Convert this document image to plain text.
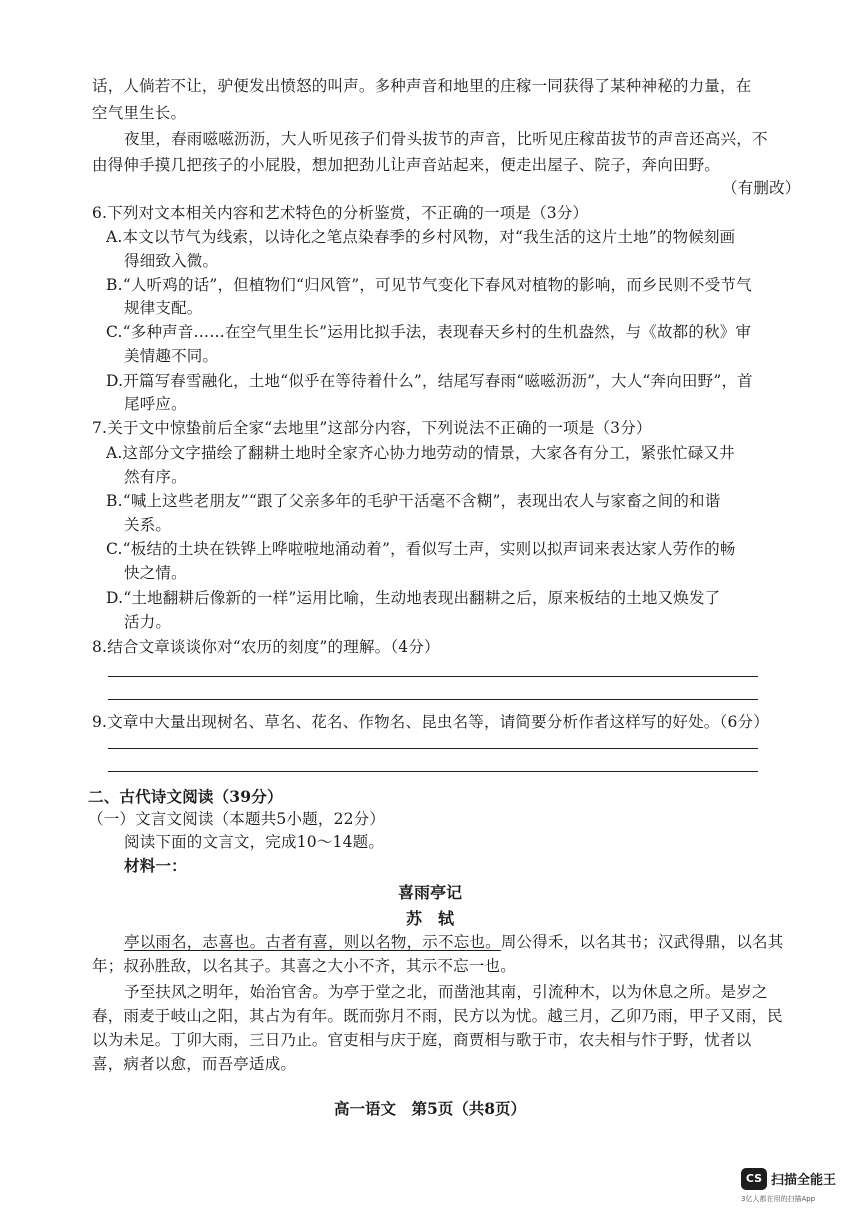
话，人倘若不让，驴便发出愤怒的叫声。多种声音和地里的庄稼一同获得了某种神秘的力量，在
空气里生长。
夜里，春雨嗞嗞沥沥，大人听见孩子们骨头拔节的声音，比听见庄稼苗拔节的声音还高兴，不
由得伸手摸几把孩子的小屁股，想加把劲儿让声音站起来，便走出屋子、院子，奔向田野。
（有删改）
6.下列对文本相关内容和艺术特色的分析鉴赏，不正确的一项是（3分）
A.本文以节气为线索，以诗化之笔点染春季的乡村风物，对“我生活的这片土地”的物候刻画
得细致入微。
B.“人听鸡的话”，但植物们“归风管”，可见节气变化下春风对植物的影响，而乡民则不受节气
规律支配。
C.“多种声音……在空气里生长”运用比拟手法，表现春天乡村的生机盎然，与《故都的秋》审
美情趣不同。
D.开篇写春雪融化，土地“似乎在等待着什么”，结尾写春雨“嗞嗞沥沥”，大人“奔向田野”，首
尾呼应。
7.关于文中惊蛰前后全家“去地里”这部分内容，下列说法不正确的一项是（3分）
A.这部分文字描绘了翻耕土地时全家齐心协力地劳动的情景，大家各有分工，紧张忙碌又井
然有序。
B.“喊上这些老朋友”“跟了父亲多年的毛驴干活毫不含糊”，表现出农人与家畜之间的和谐
关系。
C.“板结的土块在铁铧上哗啦啦地涌动着”，看似写土声，实则以拟声词来表达家人劳作的畅
快之情。
D.“土地翻耕后像新的一样”运用比喻，生动地表现出翻耕之后，原来板结的土地又焕发了
活力。
8.结合文章谈谈你对“农历的刻度”的理解。（4分）
9.文章中大量出现树名、草名、花名、作物名、昆虫名等，请简要分析作者这样写的好处。（6分）
二、古代诗文阅读（39分）
（一）文言文阅读（本题共5小题，22分）
阅读下面的文言文，完成10～14题。
材料一：
喜雨亭记
苏　轼
亭以雨名，志喜也。古者有喜，则以名物，示不忘也。周公得禾，以名其书；汉武得鼎，以名其
年；叔孙胜敌，以名其子。其喜之大小不齐，其示不忘一也。
予至扶风之明年，始治官舍。为亭于堂之北，而凿池其南，引流种木，以为休息之所。是岁之
春，雨麦于岐山之阳，其占为有年。既而弥月不雨，民方以为忧。越三月，乙卯乃雨，甲子又雨，民
以为未足。丁卯大雨，三日乃止。官吏相与庆于庭，商贾相与歌于市，农夫相与忭于野，忧者以
喜，病者以愈，而吾亭适成。
高一语文　第5页（共8页）
CS 扫描全能王
3亿人都在用的扫描App
